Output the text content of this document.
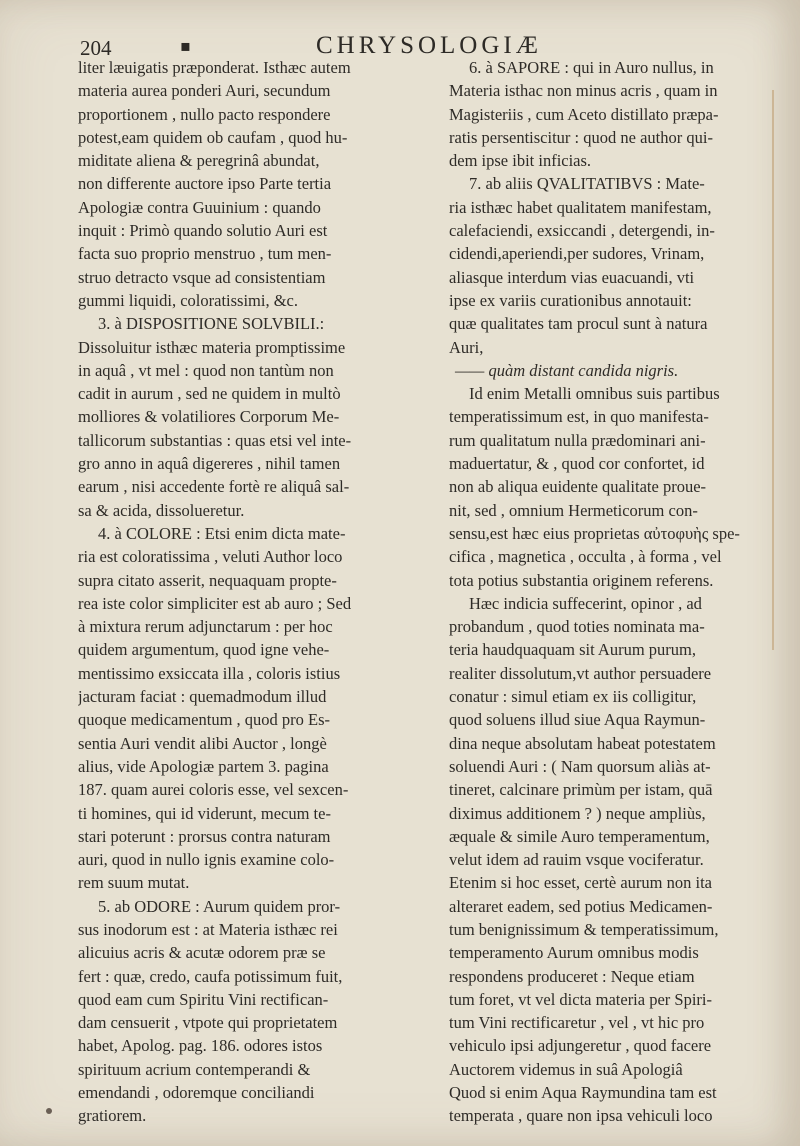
204	▪	CHRYSOLOGIÆ
liter læuigatis præponderat. Isthæc autem
materia aurea ponderi Auri, secundum
proportionem , nullo pacto respondere
potest,eam quidem ob caufam , quod hu-
miditate aliena & peregrinâ abundat,
non differente auctore ipso Parte tertia
Apologiæ contra Guuinium : quando
inquit : Primò quando solutio Auri est
facta suo proprio menstruo , tum men-
struo detracto vsque ad consistentiam
gummi liquidi, coloratissimi, &c.
3. à DISPOSITIONE SOLVBILI.:
Dissoluitur isthæc materia promptissime
in aquâ , vt mel : quod non tantùm non
cadit in aurum , sed ne quidem in multò
molliores & volatiliores Corporum Me-
tallicorum substantias : quas etsi vel inte-
gro anno in aquâ digereres , nihil tamen
earum , nisi accedente fortè re aliquâ sal-
sa & acida, dissolueretur.
4. à COLORE : Etsi enim dicta mate-
ria est coloratissima , veluti Author loco
supra citato asserit, nequaquam propte-
rea iste color simpliciter est ab auro ; Sed
à mixtura rerum adjunctarum : per hoc
quidem argumentum, quod igne vehe-
mentissimo exsiccata illa , coloris istius
jacturam faciat : quemadmodum illud
quoque medicamentum , quod pro Es-
sentia Auri vendit alibi Auctor , longè
alius, vide Apologiæ partem 3. pagina
187. quam aurei coloris esse, vel sexcen-
ti homines, qui id viderunt, mecum te-
stari poterunt : prorsus contra naturam
auri, quod in nullo ignis examine colo-
rem suum mutat.
5. ab ODORE : Aurum quidem pror-
sus inodorum est : at Materia isthæc rei
alicuius acris & acutæ odorem præ se
fert : quæ, credo, caufa potissimum fuit,
quod eam cum Spiritu Vini rectifican-
dam censuerit , vtpote qui proprietatem
habet, Apolog. pag. 186. odores istos
spirituum acrium contemperandi &
emendandi , odoremque conciliandi
gratiorem.
6. à SAPORE : qui in Auro nullus, in
Materia isthac non minus acris , quam in
Magisteriis , cum Aceto distillato præpa-
ratis persentiscitur : quod ne author qui-
dem ipse ibit inficias.
7. ab aliis QVALITATIBVS : Mate-
ria isthæc habet qualitatem manifestam,
calefaciendi, exsiccandi , detergendi, in-
cidendi,aperiendi,per sudores, Vrinam,
aliasque interdum vias euacuandi, vti
ipse ex variis curationibus annotauit:
quæ qualitates tam procul sunt à natura
Auri,
—— quàm distant candida nigris.
Id enim Metalli omnibus suis partibus
temperatissimum est, in quo manifesta-
rum qualitatum nulla prædominari ani-
maduertatur, & , quod cor confortet, id
non ab aliqua euidente qualitate proue-
nit, sed , omnium Hermeticorum con-
sensu,est hæc eius proprietas αὐτοφυὴς spe-
cifica , magnetica , occulta , à forma , vel
tota potius substantia originem referens.
Hæc indicia suffecerint, opinor , ad
probandum , quod toties nominata ma-
teria haudquaquam sit Aurum purum,
realiter dissolutum,vt author persuadere
conatur : simul etiam ex iis colligitur,
quod soluens illud siue Aqua Raymun-
dina neque absolutam habeat potestatem
soluendi Auri : ( Nam quorsum aliàs at-
tineret, calcinare primùm per istam, quā
diximus additionem ? ) neque ampliùs,
æquale & simile Auro temperamentum,
velut idem ad rauim vsque vociferatur.
Etenim si hoc esset, certè aurum non ita
alteraret eadem, sed potius Medicamen-
tum benignissimum & temperatissimum,
temperamento Aurum omnibus modis
respondens produceret : Neque etiam
tum foret, vt vel dicta materia per Spiri-
tum Vini rectificaretur , vel , vt hic pro
vehiculo ipsi adjungeretur , quod facere
Auctorem videmus in suâ Apologiâ
Quod si enim Aqua Raymundina tam est
temperata , quare non ipsa vehiculi loco
